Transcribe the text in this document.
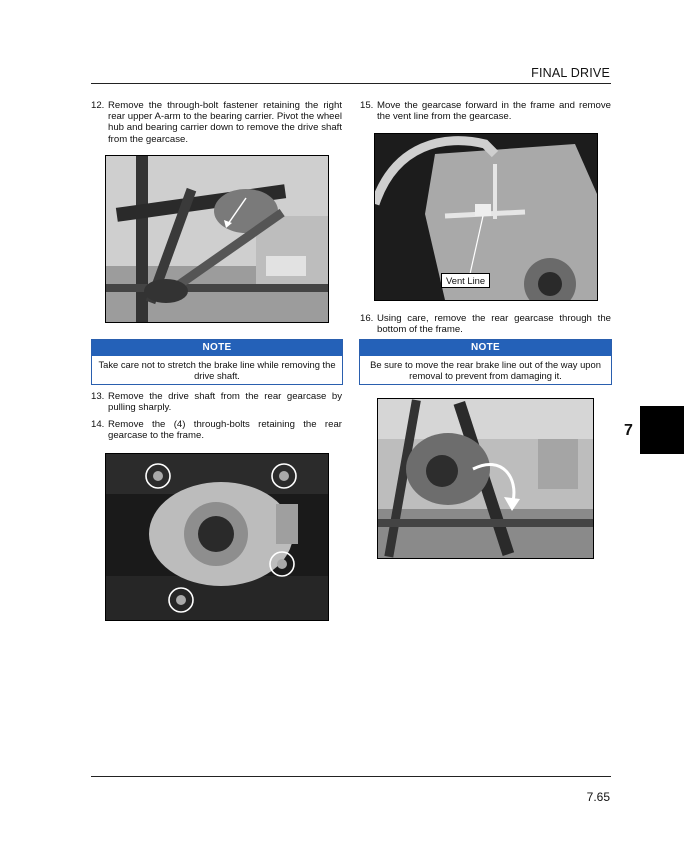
FINAL DRIVE
7
12. Remove the through-bolt fastener retaining the right rear upper A-arm to the bearing carrier. Pivot the wheel hub and bearing carrier down to remove the drive shaft from the gearcase.
NOTE
Take care not to stretch the brake line while removing the drive shaft.
13. Remove the drive shaft from the rear gearcase by pulling sharply.
14. Remove the (4) through-bolts retaining the rear gearcase to the frame.
15. Move the gearcase forward in the frame and remove the vent line from the gearcase.
Vent Line
16. Using care, remove the rear gearcase through the bottom of the frame.
NOTE
Be sure to move the rear brake line out of the way upon removal to prevent from damaging it.
7.65
